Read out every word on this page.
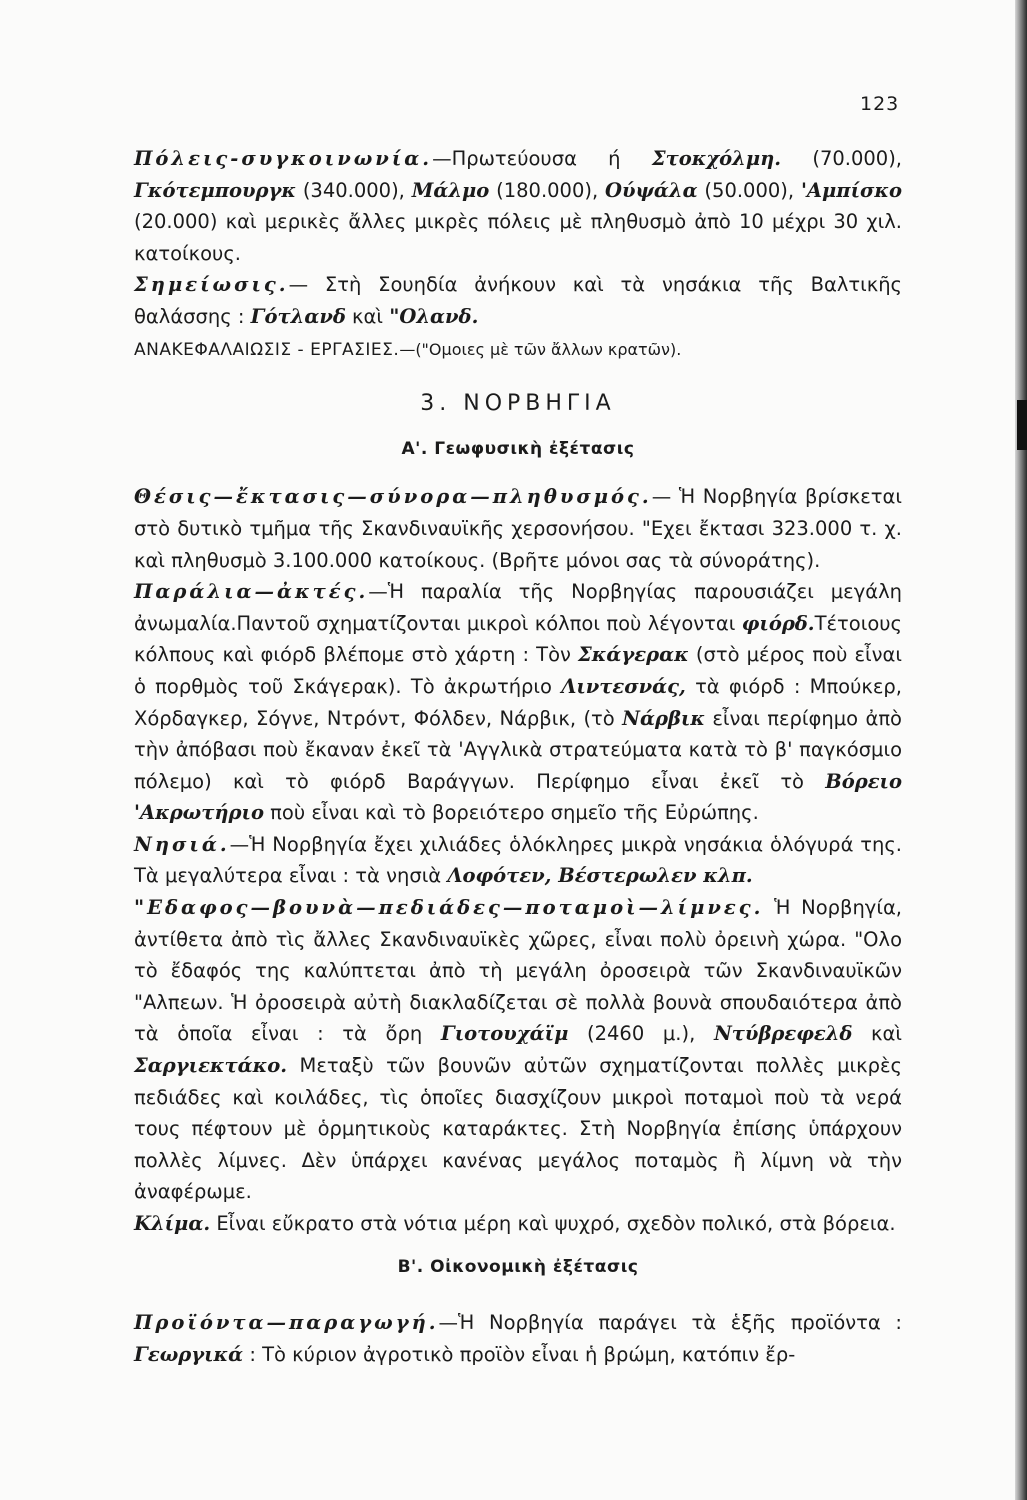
123

Πόλεις-συγκοινωνία.—Πρωτεύουσα ή Στοκχόλμη. (70.000), Γκότεμπουργκ (340.000), Μάλμο (180.000), Ούψάλα (50.000), 'Αμπίσκο (20.000) καὶ μερικὲς ἄλλες μικρὲς πόλεις μὲ πληθυσμὸ ἀπὸ 10 μέχρι 30 χιλ. κατοίκους.

Σημείωσις.— Στὴ Σουηδία ἀνήκουν καὶ τὰ νησάκια τῆς Βαλτικῆς θαλάσσης : Γότλανδ καὶ "Ολανδ.

ΑΝΑΚΕΦΑΛΑΙΩΣΙΣ - ΕΡΓΑΣΙΕΣ.—("Ομοιες μὲ τῶν ἄλλων κρατῶν).

3. ΝΟΡΒΗΓΙΑ

Α'. Γεωφυσικὴ ἐξέτασις

Θέσις—ἔκτασις—σύνορα—πληθυσμός.— Ἡ Νορβηγία βρίσκεται στὸ δυτικὸ τμῆμα τῆς Σκανδιναυϊκῆς χερσονήσου. "Εχει ἔκτασι 323.000 τ. χ. καὶ πληθυσμὸ 3.100.000 κατοίκους. (Βρῆτε μόνοι σας τὰ σύνοράτης).

Παράλια—ἀκτές.—Ἡ παραλία τῆς Νορβηγίας παρουσιάζει μεγάλη ἀνωμαλία.Παντοῦ σχηματίζονται μικροὶ κόλποι ποὺ λέγονται φιόρδ.Τέτοιους κόλπους καὶ φιόρδ βλέπομε στὸ χάρτη : Τὸν Σκάγερακ (στὸ μέρος ποὺ εἶναι ὁ πορθμὸς τοῦ Σκάγερακ). Τὸ ἀκρωτήριο Λιντεσνάς, τὰ φιόρδ : Μπούκερ, Χόρδαγκερ, Σόγνε, Ντρόντ, Φόλδεν, Νάρβικ, (τὸ Νάρβικ εἶναι περίφημο ἀπὸ τὴν ἀπόβασι ποὺ ἔκαναν ἐκεῖ τὰ 'Αγγλικὰ στρατεύματα κατὰ τὸ β' παγκόσμιο πόλεμο) καὶ τὸ φιόρδ Βαράγγων. Περίφημο εἶναι ἐκεῖ τὸ Βόρειο 'Ακρωτήριο ποὺ εἶναι καὶ τὸ βορειότερο σημεῖο τῆς Εὐρώπης.

Νησιά.—Ἡ Νορβηγία ἔχει χιλιάδες ὁλόκληρες μικρὰ νησάκια ὁλόγυρά της. Τὰ μεγαλύτερα εἶναι : τὰ νησιὰ Λοφότεν, Βέστερωλεν κλπ.

"Εδαφος—βουνὰ—πεδιάδες—ποταμοὶ—λίμνες. Ἡ Νορβηγία, ἀντίθετα ἀπὸ τὶς ἄλλες Σκανδιναυϊκὲς χῶρες, εἶναι πολὺ ὀρεινὴ χώρα. "Ολο τὸ ἔδαφός της καλύπτεται ἀπὸ τὴ μεγάλη ὀροσειρὰ τῶν Σκανδιναυϊκῶν "Αλπεων. Ἡ ὀροσειρὰ αὐτὴ διακλαδίζεται σὲ πολλὰ βουνὰ σπουδαιότερα ἀπὸ τὰ ὁποῖα εἶναι : τὰ ὄρη Γιοτουχάϊμ (2460 μ.), Ντύβρεφελδ καὶ Σαργιεκτάκο. Μεταξὺ τῶν βουνῶν αὐτῶν σχηματίζονται πολλὲς μικρὲς πεδιάδες καὶ κοιλάδες, τὶς ὁποῖες διασχίζουν μικροὶ ποταμοὶ ποὺ τὰ νερά τους πέφτουν μὲ ὁρμητικοὺς καταράκτες. Στὴ Νορβηγία ἐπίσης ὑπάρχουν πολλὲς λίμνες. Δὲν ὑπάρχει κανένας μεγάλος ποταμὸς ἢ λίμνη νὰ τὴν ἀναφέρωμε.

Κλίμα. Εἶναι εὔκρατο στὰ νότια μέρη καὶ ψυχρό, σχεδὸν πολικό, στὰ βόρεια.

Β'. Οἰκονομικὴ ἐξέτασις

Προϊόντα—παραγωγή.—Ἡ Νορβηγία παράγει τὰ ἑξῆς προϊόντα : Γεωργικά : Τὸ κύριον ἀγροτικὸ προϊὸν εἶναι ἡ βρώμη, κατόπιν ἔρ-
